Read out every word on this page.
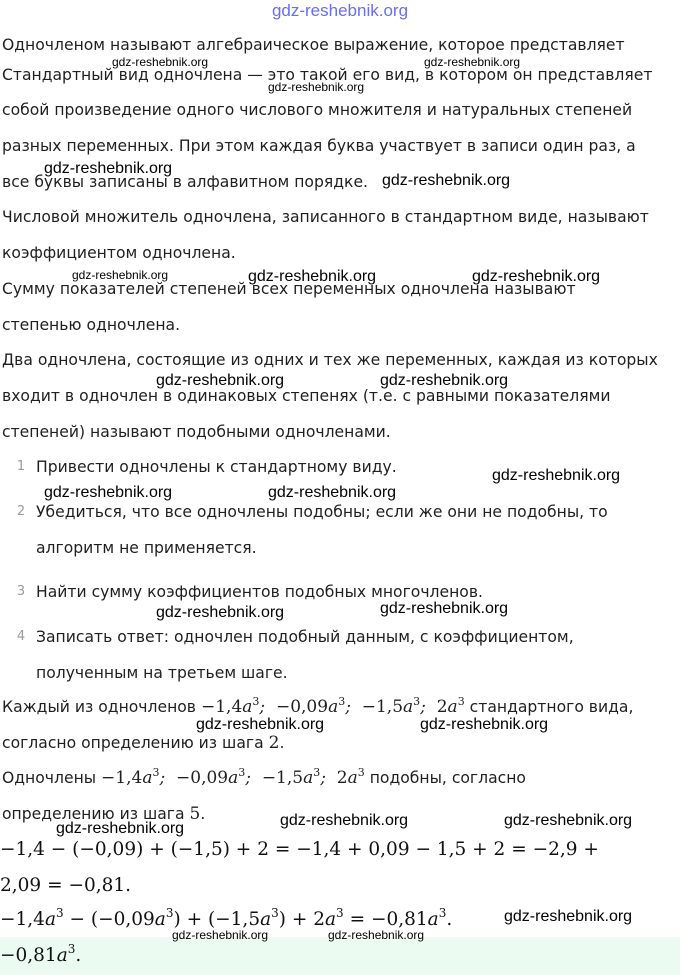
gdz-reshebnik.org
Одночленом называют алгебраическое выражение, которое представляет
Стандартный вид одночлена — это такой его вид, в котором он представляет
собой произведение одного числового множителя и натуральных степеней
разных переменных. При этом каждая буква участвует в записи один раз, а
все буквы записаны в алфавитном порядке.
Числовой множитель одночлена, записанного в стандартном виде, называют
коэффициентом одночлена.
Сумму показателей степеней всех переменных одночлена называют
степенью одночлена.
Два одночлена, состоящие из одних и тех же переменных, каждая из которых
входит в одночлен в одинаковых степенях (т.е. с равными показателями
степеней) называют подобными одночленами.
1 Привести одночлены к стандартному виду.
2 Убедиться, что все одночлены подобны; если же они не подобны, то
алгоритм не применяется.
3 Найти сумму коэффициентов подобных многочленов.
4 Записать ответ: одночлен подобный данным, с коэффициентом,
полученным на третьем шаге.
Каждый из одночленов $-1,4a^3$;  $-0,09a^3$;  $-1,5a^3$;  $2a^3$ стандартного вида,
согласно определению из шага 2.
Одночлены $-1,4a^3$;  $-0,09a^3$;  $-1,5a^3$;  $2a^3$ подобны, согласно
определению из шага 5.
−1,4 − (−0,09) + (−1,5) + 2 = −1,4 + 0,09 − 1,5 + 2 = −2,9 +
2,09 = −0,81.
$-1,4a^3 - (-0,09a^3) + (-1,5a^3) + 2a^3 = -0,81a^3$.
$-0,81a^3$.
gdz-reshebnik.org
gdz-reshebnik.org
gdz-reshebnik.org
gdz-reshebnik.org
gdz-reshebnik.org
gdz-reshebnik.org	gdz-reshebnik.org	gdz-reshebnik.org
gdz-reshebnik.org	gdz-reshebnik.org
gdz-reshebnik.org
gdz-reshebnik.org	gdz-reshebnik.org
gdz-reshebnik.org	gdz-reshebnik.org
gdz-reshebnik.org	gdz-reshebnik.org
gdz-reshebnik.org	gdz-reshebnik.org	gdz-reshebnik.org
gdz-reshebnik.org
gdz-reshebnik.org	gdz-reshebnik.org
